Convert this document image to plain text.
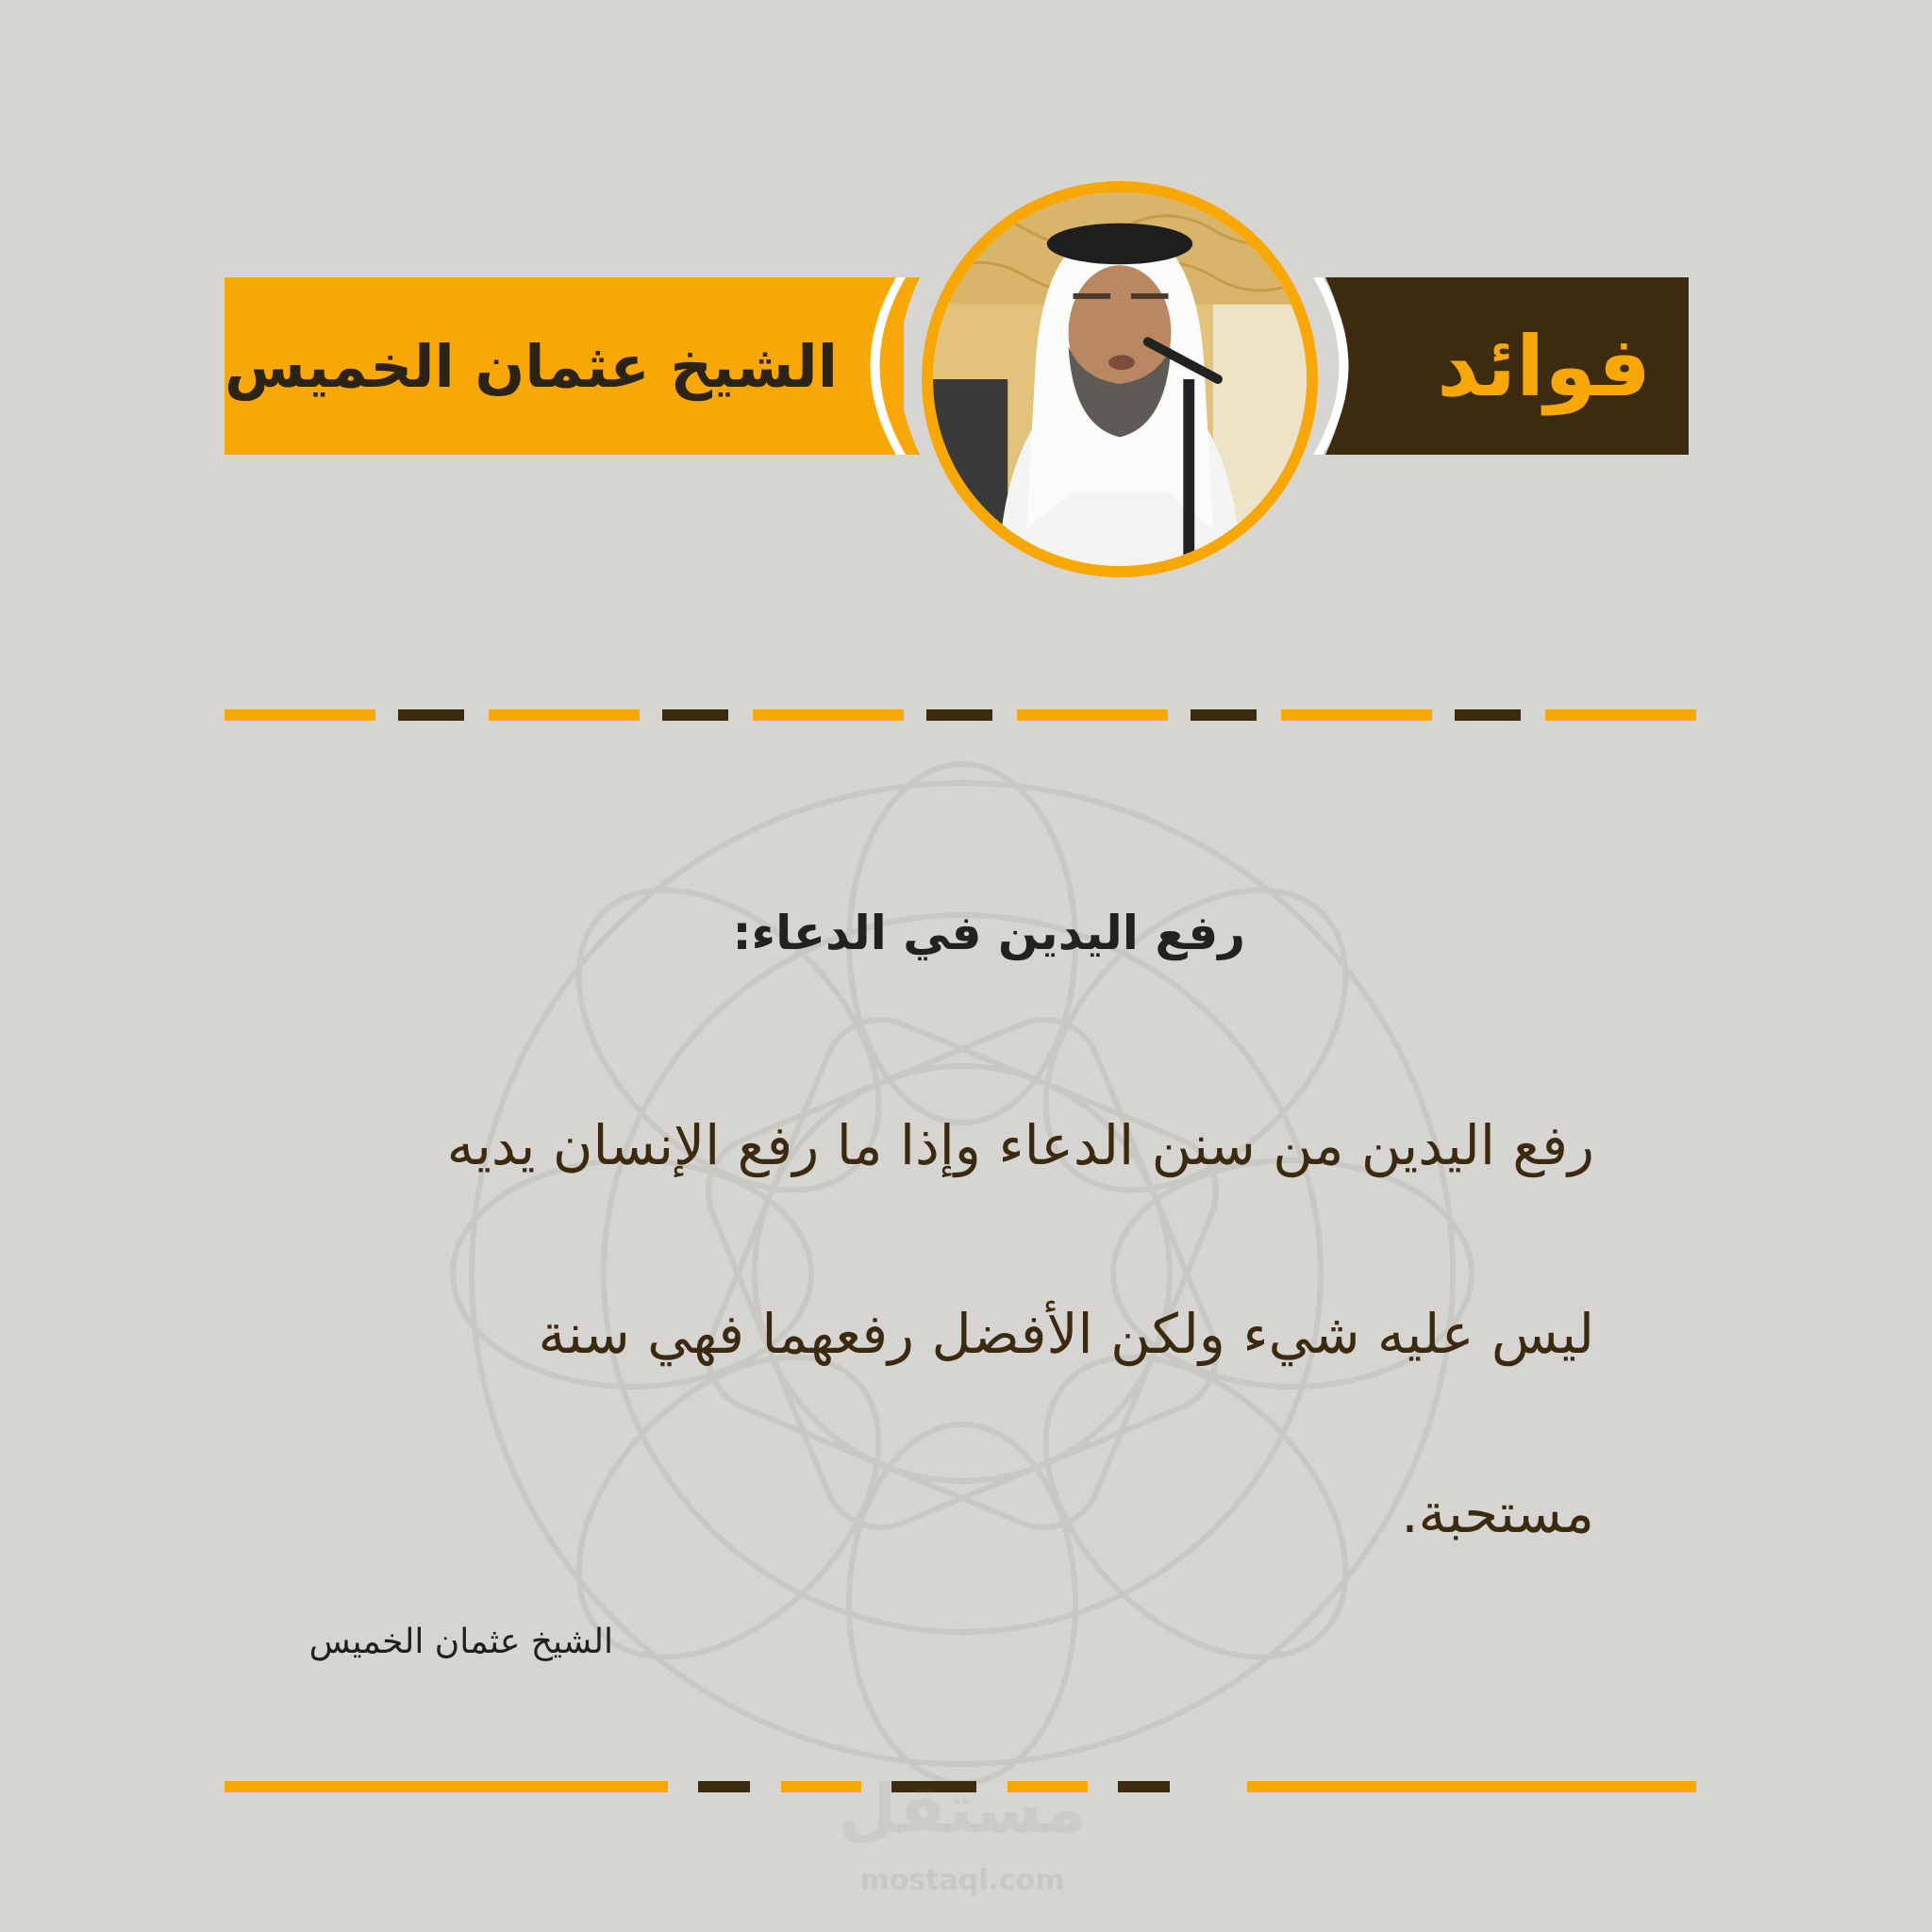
الشيخ عثمان الخميس	فوائد
رفع اليدين في الدعاء:
رفع اليدين من سنن الدعاء وإذا ما رفع الإنسان يديه
ليس عليه شيء ولكن الأفضل رفعهما فهي سنة
مستحبة.
الشيخ عثمان الخميس
مستقل
mostaql.com
